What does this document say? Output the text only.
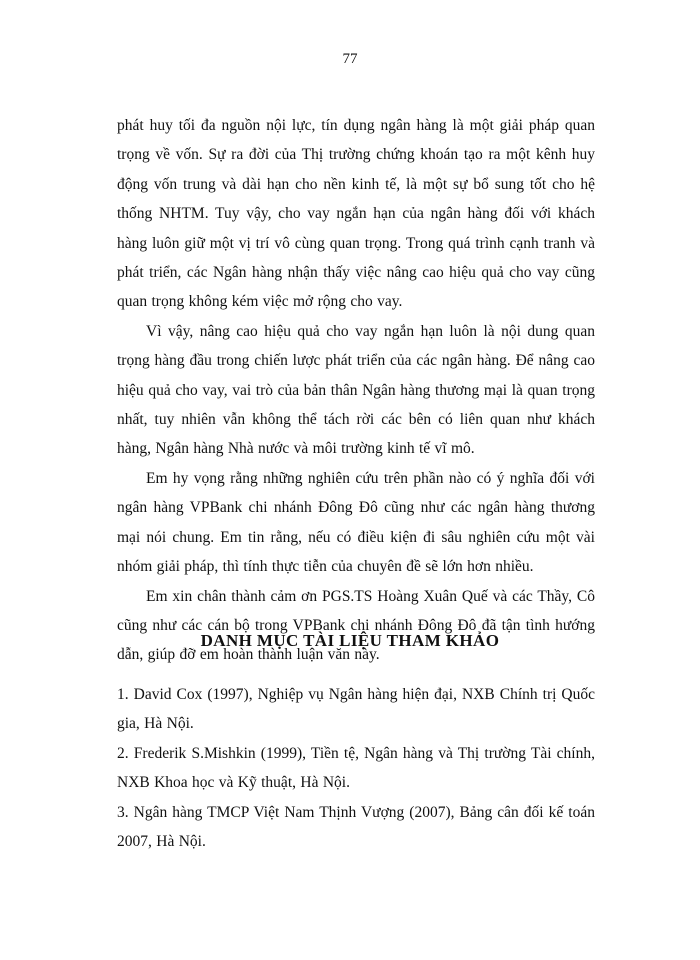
77

phát huy tối đa nguồn nội lực, tín dụng ngân hàng là một giải pháp quan trọng về vốn. Sự ra đời của Thị trường chứng khoán tạo ra một kênh huy động vốn trung và dài hạn cho nền kinh tế, là một sự bổ sung tốt cho hệ thống NHTM. Tuy vậy, cho vay ngắn hạn của ngân hàng đối với khách hàng luôn giữ một vị trí vô cùng quan trọng. Trong quá trình cạnh tranh và phát triển, các Ngân hàng nhận thấy việc nâng cao hiệu quả cho vay cũng quan trọng không kém việc mở rộng cho vay.

Vì vậy, nâng cao hiệu quả cho vay ngắn hạn luôn là nội dung quan trọng hàng đầu trong chiến lược phát triển của các ngân hàng. Để nâng cao hiệu quả cho vay, vai trò của bản thân Ngân hàng thương mại là quan trọng nhất, tuy nhiên vẫn không thể tách rời các bên có liên quan như khách hàng, Ngân hàng Nhà nước và môi trường kinh tế vĩ mô.

Em hy vọng rằng những nghiên cứu trên phần nào có ý nghĩa đối với ngân hàng VPBank chi nhánh Đông Đô cũng như các ngân hàng thương mại nói chung. Em tin rằng, nếu có điều kiện đi sâu nghiên cứu một vài nhóm giải pháp, thì tính thực tiễn của chuyên đề sẽ lớn hơn nhiều.

Em xin chân thành cảm ơn PGS.TS Hoàng Xuân Quế và các Thầy, Cô cũng như các cán bộ trong VPBank chi nhánh Đông Đô đã tận tình hướng dẫn, giúp đỡ em hoàn thành luận văn này.

DANH MỤC TÀI LIỆU THAM KHẢO

1. David Cox (1997), Nghiệp vụ Ngân hàng hiện đại, NXB Chính trị Quốc gia, Hà Nội.

2. Frederik S.Mishkin (1999), Tiền tệ, Ngân hàng và Thị trường Tài chính, NXB Khoa học và Kỹ thuật, Hà Nội.

3. Ngân hàng TMCP Việt Nam Thịnh Vượng (2007), Bảng cân đối kế toán 2007, Hà Nội.
